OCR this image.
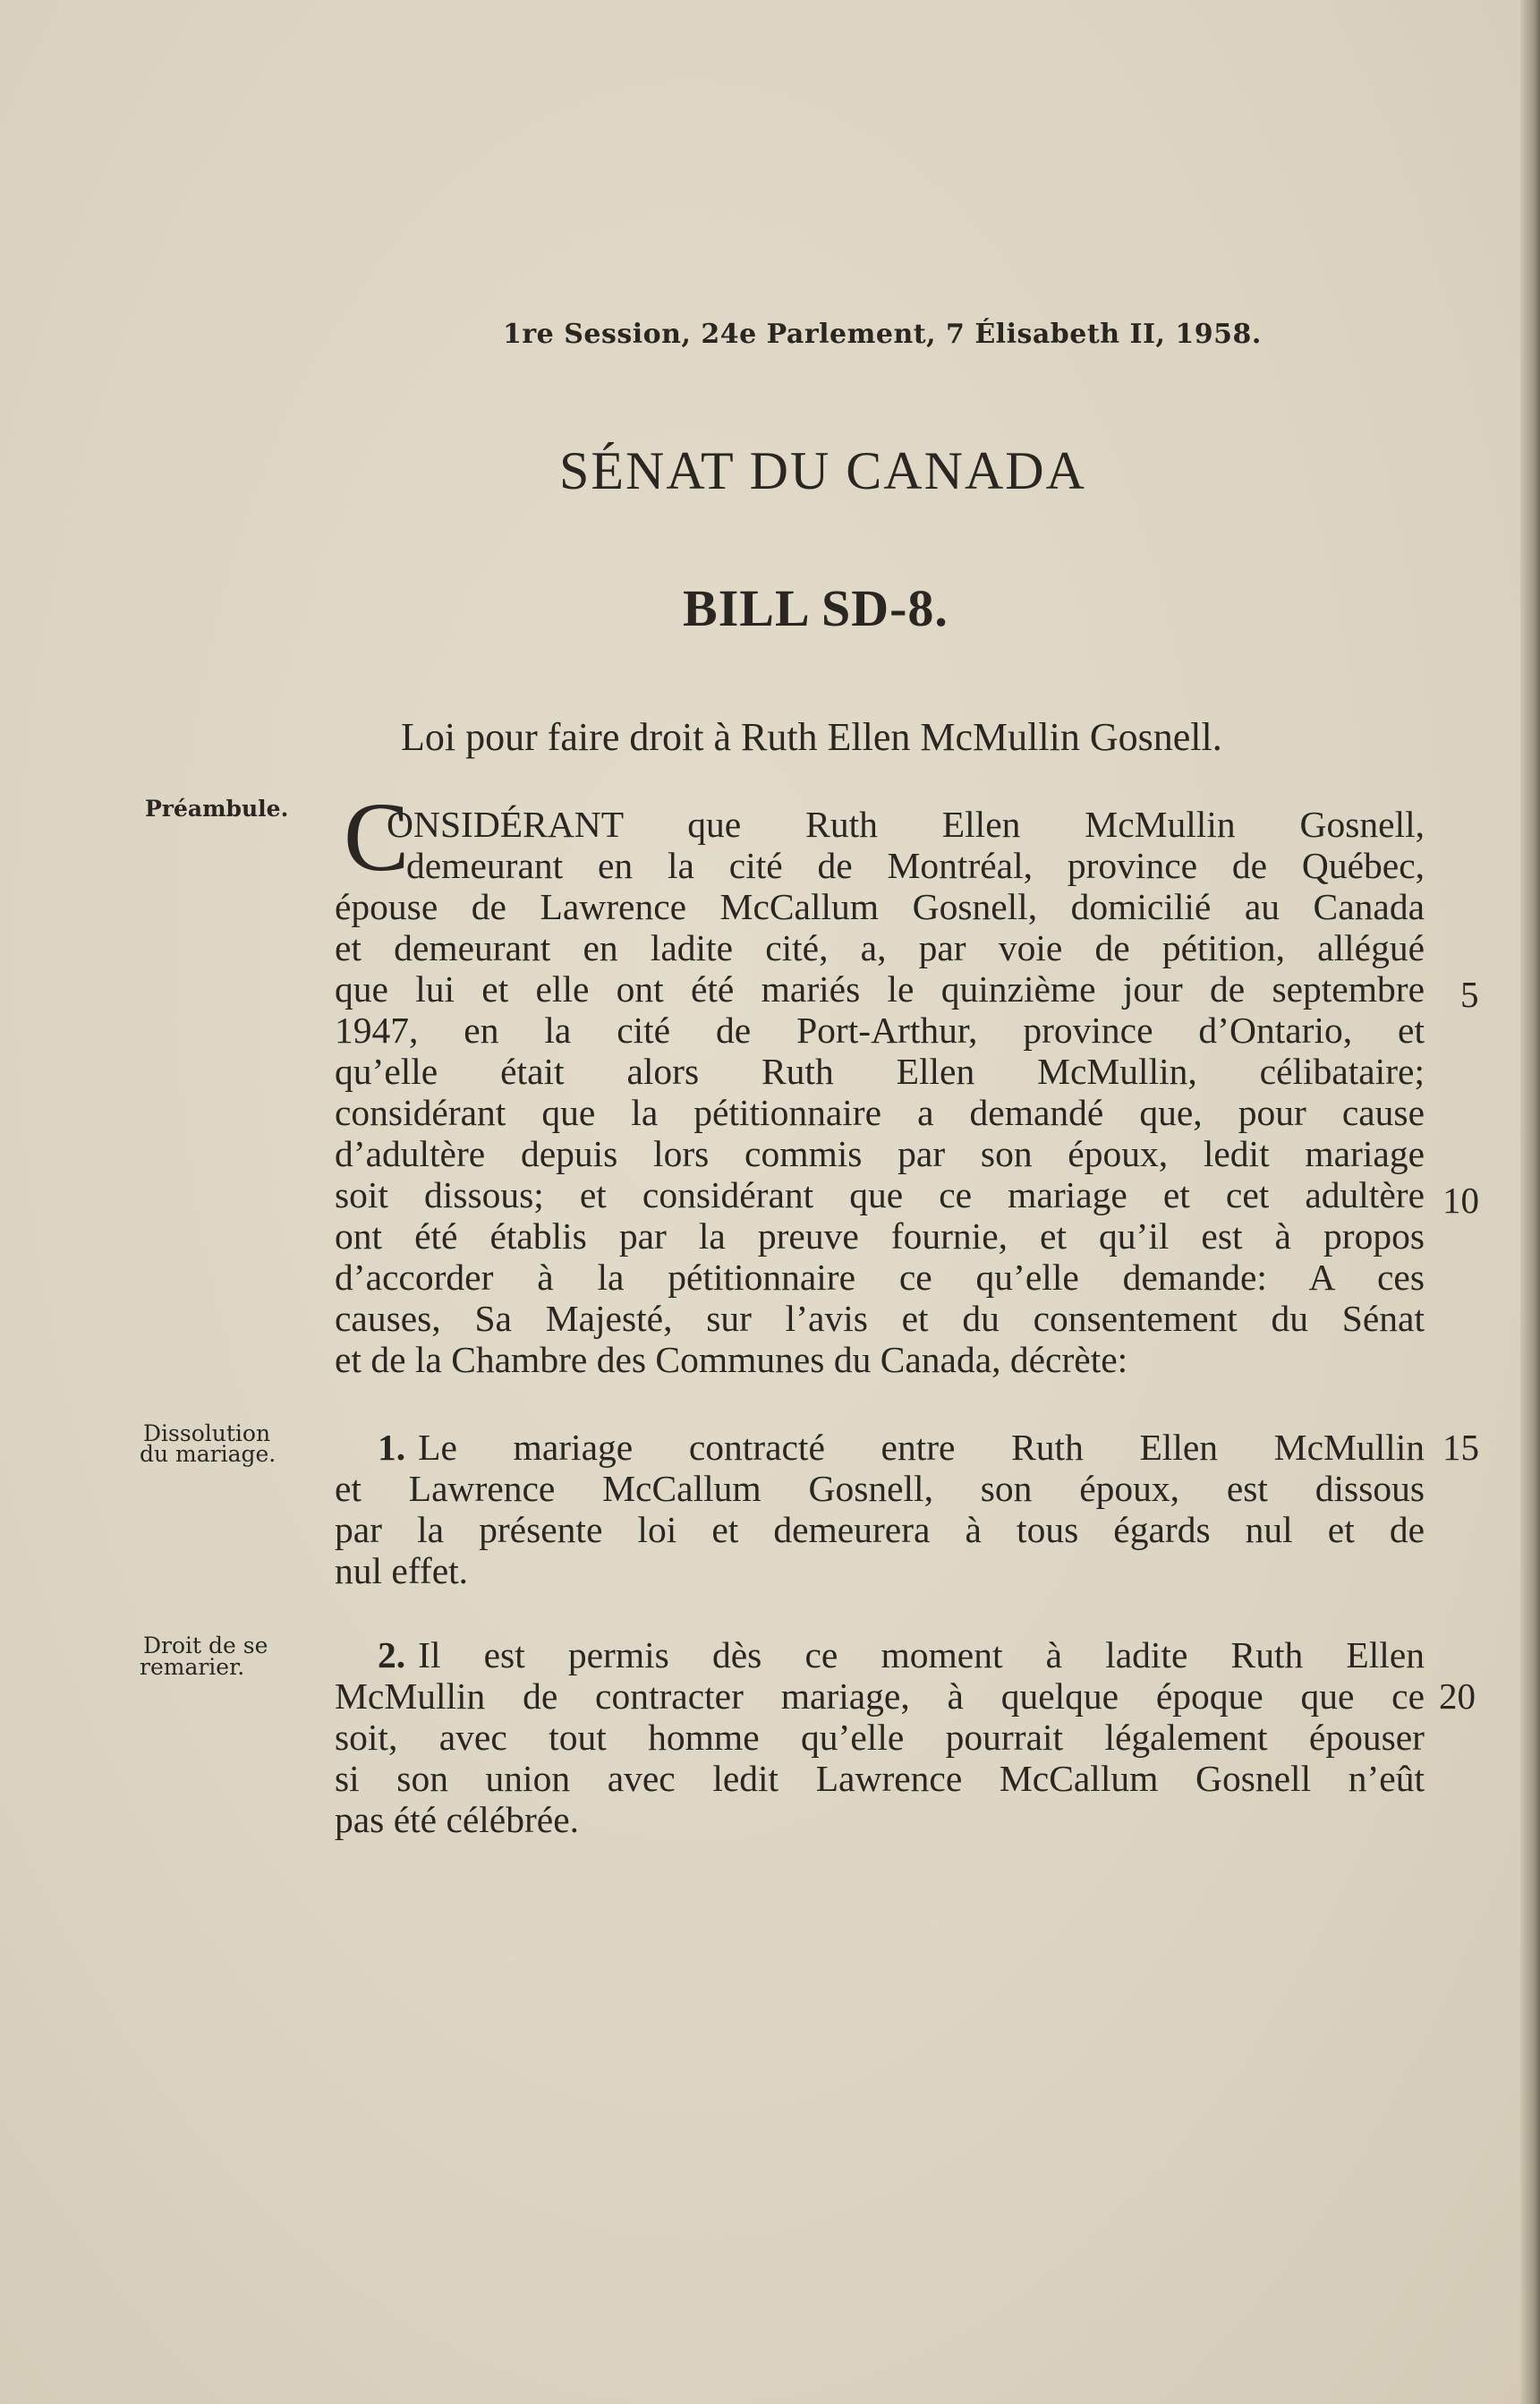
1re Session, 24e Parlement, 7 Élisabeth II, 1958.
SÉNAT DU CANADA
BILL SD-8.
Loi pour faire droit à Ruth Ellen McMullin Gosnell.
Préambule.
Dissolution
du mariage.
Droit de se
remarier.
C
ONSIDÉRANT que Ruth Ellen McMullin Gosnell,
demeurant en la cité de Montréal, province de Québec,
épouse de Lawrence McCallum Gosnell, domicilié au Canada
et demeurant en ladite cité, a, par voie de pétition, allégué
que lui et elle ont été mariés le quinzième jour de septembre
1947, en la cité de Port-Arthur, province d’Ontario, et
qu’elle était alors Ruth Ellen McMullin, célibataire;
considérant que la pétitionnaire a demandé que, pour cause
d’adultère depuis lors commis par son époux, ledit mariage
soit dissous; et considérant que ce mariage et cet adultère
ont été établis par la preuve fournie, et qu’il est à propos
d’accorder à la pétitionnaire ce qu’elle demande: A ces
causes, Sa Majesté, sur l’avis et du consentement du Sénat
et de la Chambre des Communes du Canada, décrète:
1. Le mariage contracté entre Ruth Ellen McMullin
et Lawrence McCallum Gosnell, son époux, est dissous
par la présente loi et demeurera à tous égards nul et de
nul effet.
2. Il est permis dès ce moment à ladite Ruth Ellen
McMullin de contracter mariage, à quelque époque que ce
soit, avec tout homme qu’elle pourrait légalement épouser
si son union avec ledit Lawrence McCallum Gosnell n’eût
pas été célébrée.
5
10
15
20
